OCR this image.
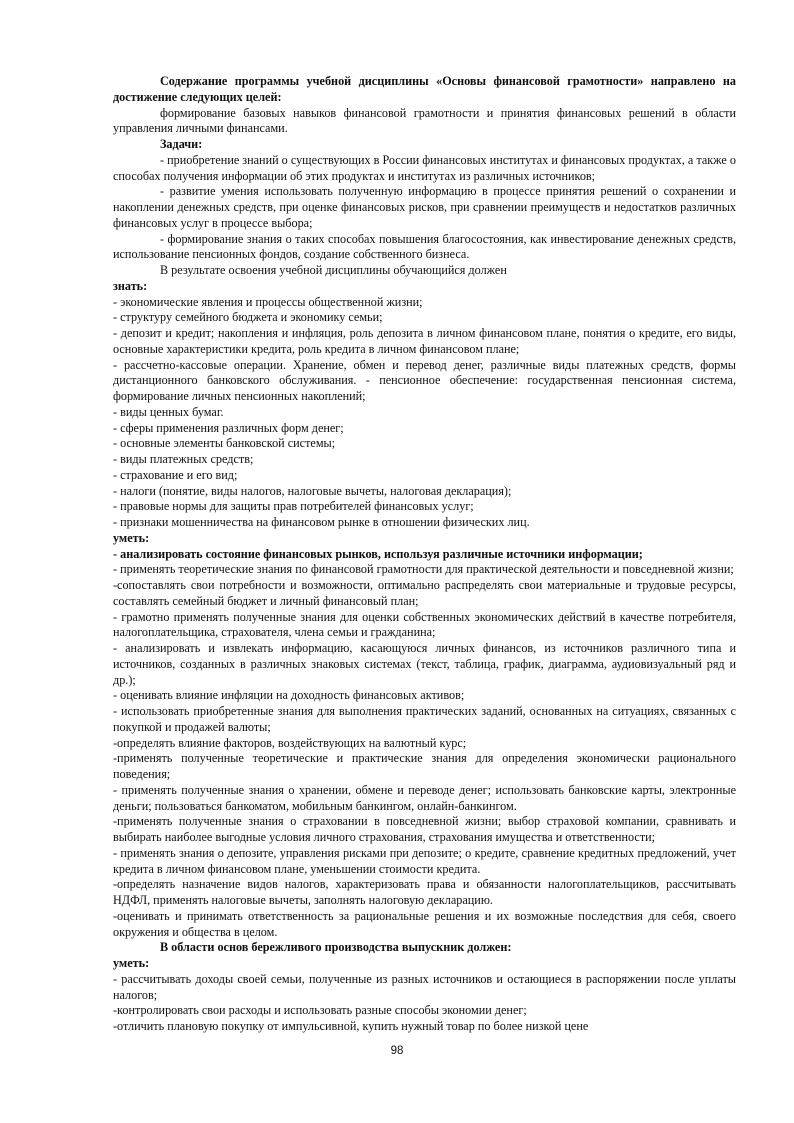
Содержание программы учебной дисциплины «Основы финансовой грамотности» направлено на достижение следующих целей:

формирование базовых навыков финансовой грамотности и принятия финансовых решений в области управления личными финансами.

Задачи:

- приобретение знаний о существующих в России финансовых институтах и финансовых продуктах, а также о способах получения информации об этих продуктах и институтах из различных источников;

- развитие умения использовать полученную информацию в процессе принятия решений о сохранении и накоплении денежных средств, при оценке финансовых рисков, при сравнении преимуществ и недостатков различных финансовых услуг в процессе выбора;

- формирование знания о таких способах повышения благосостояния, как инвестирование денежных средств, использование пенсионных фондов, создание собственного бизнеса.

В результате освоения учебной дисциплины обучающийся должен

знать:

- экономические явления и процессы общественной жизни;

- структуру семейного бюджета и экономику семьи;

- депозит и кредит; накопления и инфляция, роль депозита в личном финансовом плане, понятия о кредите, его виды, основные характеристики кредита, роль кредита в личном финансовом плане;

- рассчетно-кассовые операции. Хранение, обмен и перевод денег, различные виды платежных средств, формы дистанционного банковского обслуживания. - пенсионное обеспечение: государственная пенсионная система, формирование личных пенсионных накоплений;

- виды ценных бумаг.

- сферы применения различных форм денег;

- основные элементы банковской системы;

- виды платежных средств;

- страхование и его вид;

- налоги (понятие, виды налогов, налоговые вычеты, налоговая декларация);

- правовые нормы для защиты прав потребителей финансовых услуг;

- признаки мошенничества на финансовом рынке в отношении физических лиц.

уметь:

- анализировать состояние финансовых рынков, используя различные источники информации;

- применять теоретические знания по финансовой грамотности для практической деятельности и повседневной жизни;

-сопоставлять свои потребности и возможности, оптимально распределять свои материальные и трудовые ресурсы, составлять семейный бюджет и личный финансовый план;

- грамотно применять полученные знания для оценки собственных экономических действий в качестве потребителя, налогоплательщика, страхователя, члена семьи и гражданина;

- анализировать и извлекать информацию, касающуюся личных финансов, из источников различного типа и источников, созданных в различных знаковых системах (текст, таблица, график, диаграмма, аудиовизуальный ряд и др.);

- оценивать влияние инфляции на доходность финансовых активов;

- использовать приобретенные знания для выполнения практических заданий, основанных на ситуациях, связанных с покупкой и продажей валюты;

-определять влияние факторов, воздействующих на валютный курс;

-применять полученные теоретические и практические знания для определения экономически рационального поведения;

- применять полученные знания о хранении, обмене и переводе денег; использовать банковские карты, электронные деньги; пользоваться банкоматом, мобильным банкингом, онлайн-банкингом.

-применять полученные знания о страховании в повседневной жизни; выбор страховой компании, сравнивать и выбирать наиболее выгодные условия личного страхования, страхования имущества и ответственности;

- применять знания о депозите, управления рисками при депозите; о кредите, сравнение кредитных предложений, учет кредита в личном финансовом плане, уменьшении стоимости кредита.

-определять назначение видов налогов, характеризовать права и обязанности налогоплательщиков, рассчитывать НДФЛ, применять налоговые вычеты, заполнять налоговую декларацию.

-оценивать и принимать ответственность за рациональные решения и их возможные последствия для себя, своего окружения и общества в целом.

В области основ бережливого производства выпускник должен:

уметь:

- рассчитывать доходы своей семьи, полученные из разных источников и остающиеся в распоряжении после уплаты налогов;

-контролировать свои расходы и использовать разные способы экономии денег;

-отличить плановую покупку от импульсивной, купить нужный товар по более низкой цене

98
